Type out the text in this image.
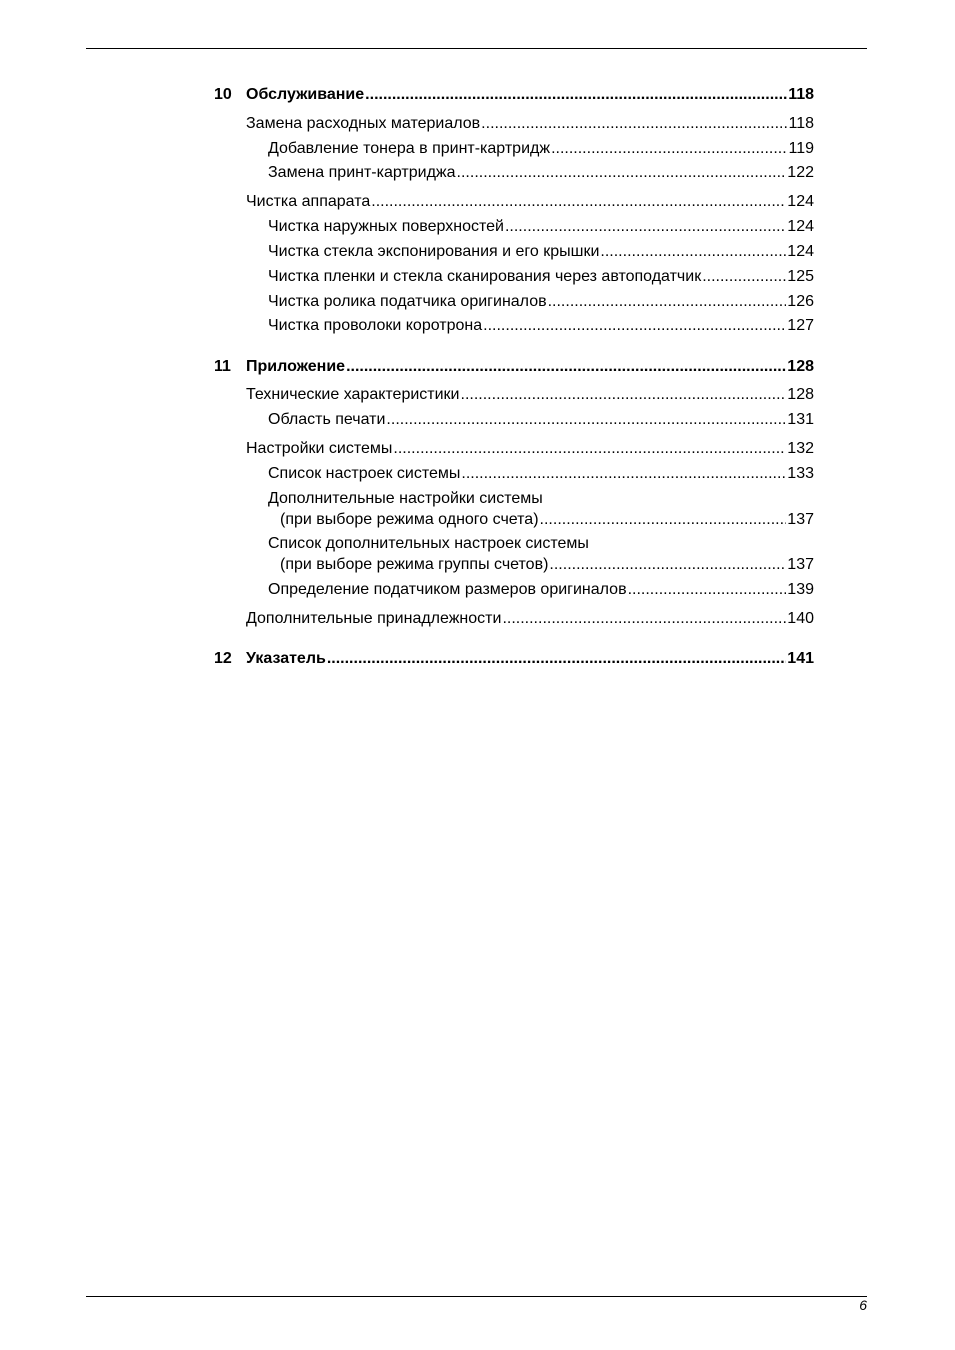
10 Обслуживание .....	118
Замена расходных материалов .....	118
Добавление тонера в принт-картридж .....	119
Замена принт-картриджа .....	122
Чистка аппарата .....	124
Чистка наружных поверхностей .....	124
Чистка стекла экспонирования и его крышки .....	124
Чистка пленки и стекла сканирования через автоподатчик .....	125
Чистка ролика податчика оригиналов .....	126
Чистка проволоки коротрона .....	127
11 Приложение .....	128
Технические характеристики .....	128
Область печати .....	131
Настройки системы .....	132
Список настроек системы .....	133
Дополнительные настройки системы
(при выборе режима одного счета) .....	137
Список дополнительных настроек системы
(при выборе режима группы счетов) .....	137
Определение податчиком размеров оригиналов .....	139
Дополнительные принадлежности .....	140
12 Указатель .....	141
6
